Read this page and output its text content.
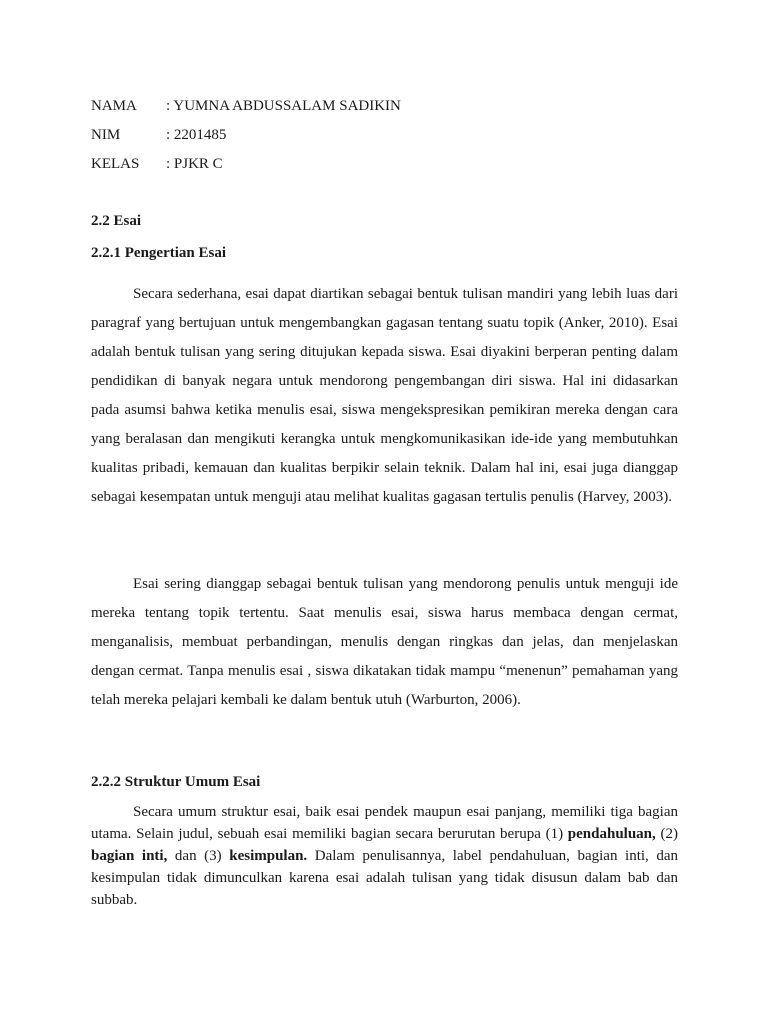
NAMA	: YUMNA ABDUSSALAM SADIKIN
NIM	: 2201485
KELAS	: PJKR C
2.2 Esai
2.2.1 Pengertian Esai

Secara sederhana, esai dapat diartikan sebagai bentuk tulisan mandiri yang lebih luas dari paragraf yang bertujuan untuk mengembangkan gagasan tentang suatu topik (Anker, 2010). Esai adalah bentuk tulisan yang sering ditujukan kepada siswa. Esai diyakini berperan penting dalam pendidikan di banyak negara untuk mendorong pengembangan diri siswa. Hal ini didasarkan pada asumsi bahwa ketika menulis esai, siswa mengekspresikan pemikiran mereka dengan cara yang beralasan dan mengikuti kerangka untuk mengkomunikasikan ide-ide yang membutuhkan kualitas pribadi, kemauan dan kualitas berpikir selain teknik. Dalam hal ini, esai juga dianggap sebagai kesempatan untuk menguji atau melihat kualitas gagasan tertulis penulis (Harvey, 2003).

Esai sering dianggap sebagai bentuk tulisan yang mendorong penulis untuk menguji ide mereka tentang topik tertentu. Saat menulis esai, siswa harus membaca dengan cermat, menganalisis, membuat perbandingan, menulis dengan ringkas dan jelas, dan menjelaskan dengan cermat. Tanpa menulis esai , siswa dikatakan tidak mampu “menenun” pemahaman yang telah mereka pelajari kembali ke dalam bentuk utuh (Warburton, 2006).

2.2.2 Struktur Umum Esai

Secara umum struktur esai, baik esai pendek maupun esai panjang, memiliki tiga bagian utama. Selain judul, sebuah esai memiliki bagian secara berurutan berupa (1) pendahuluan, (2) bagian inti, dan (3) kesimpulan. Dalam penulisannya, label pendahuluan, bagian inti, dan kesimpulan tidak dimunculkan karena esai adalah tulisan yang tidak disusun dalam bab dan subbab.
